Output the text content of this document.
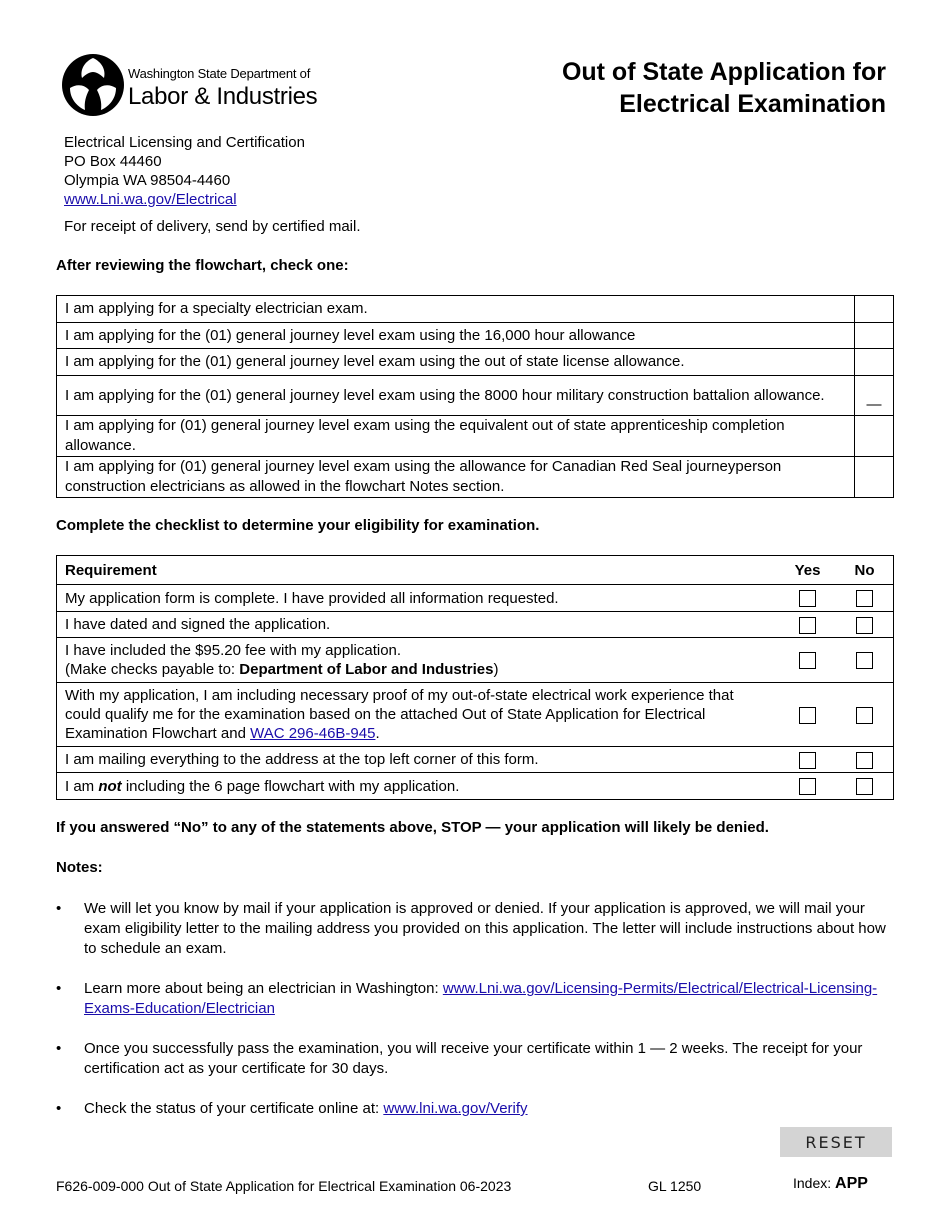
Washington State Department of
Labor & Industries
Out of State Application for
Electrical Examination
Electrical Licensing and Certification
PO Box 44460
Olympia WA 98504-4460
www.Lni.wa.gov/Electrical
For receipt of delivery, send by certified mail.
After reviewing the flowchart, check one:
I am applying for a specialty electrician exam.	
I am applying for the (01) general journey level exam using the 16,000 hour allowance	
I am applying for the (01) general journey level exam using the out of state license allowance.	
I am applying for the (01) general journey level exam using the 8000 hour military construction battalion allowance.	—
I am applying for (01) general journey level exam using the equivalent out of state apprenticeship completion allowance.	
I am applying for (01) general journey level exam using the allowance for Canadian Red Seal journeyperson construction electricians as allowed in the flowchart Notes section.	
Complete the checklist to determine your eligibility for examination.
Requirement	Yes	No
My application form is complete. I have provided all information requested.		
I have dated and signed the application.		

I have included the $95.20 fee with my application.
(Make checks payable to: Department of Labor and Industries)		

With my application, I am including necessary proof of my out-of-state electrical work experience that could qualify me for the examination based on the attached Out of State Application for Electrical Examination Flowchart and WAC 296-46B-945.		
I am mailing everything to the address at the top left corner of this form.		
I am not including the 6 page flowchart with my application.		
If you answered “No” to any of the statements above, STOP — your application will likely be denied.
Notes:
• We will let you know by mail if your application is approved or denied. If your application is approved, we will mail your exam eligibility letter to the mailing address you provided on this application. The letter will include instructions about how to schedule an exam.
• Learn more about being an electrician in Washington: www.Lni.wa.gov/Licensing-Permits/Electrical/Electrical-Licensing-Exams-Education/Electrician
• Once you successfully pass the examination, you will receive your certificate within 1 — 2 weeks. The receipt for your certification act as your certificate for 30 days.
• Check the status of your certificate online at: www.lni.wa.gov/Verify
RESET
F626-009-000 Out of State Application for Electrical Examination 06-2023	GL 1250	Index: APP
